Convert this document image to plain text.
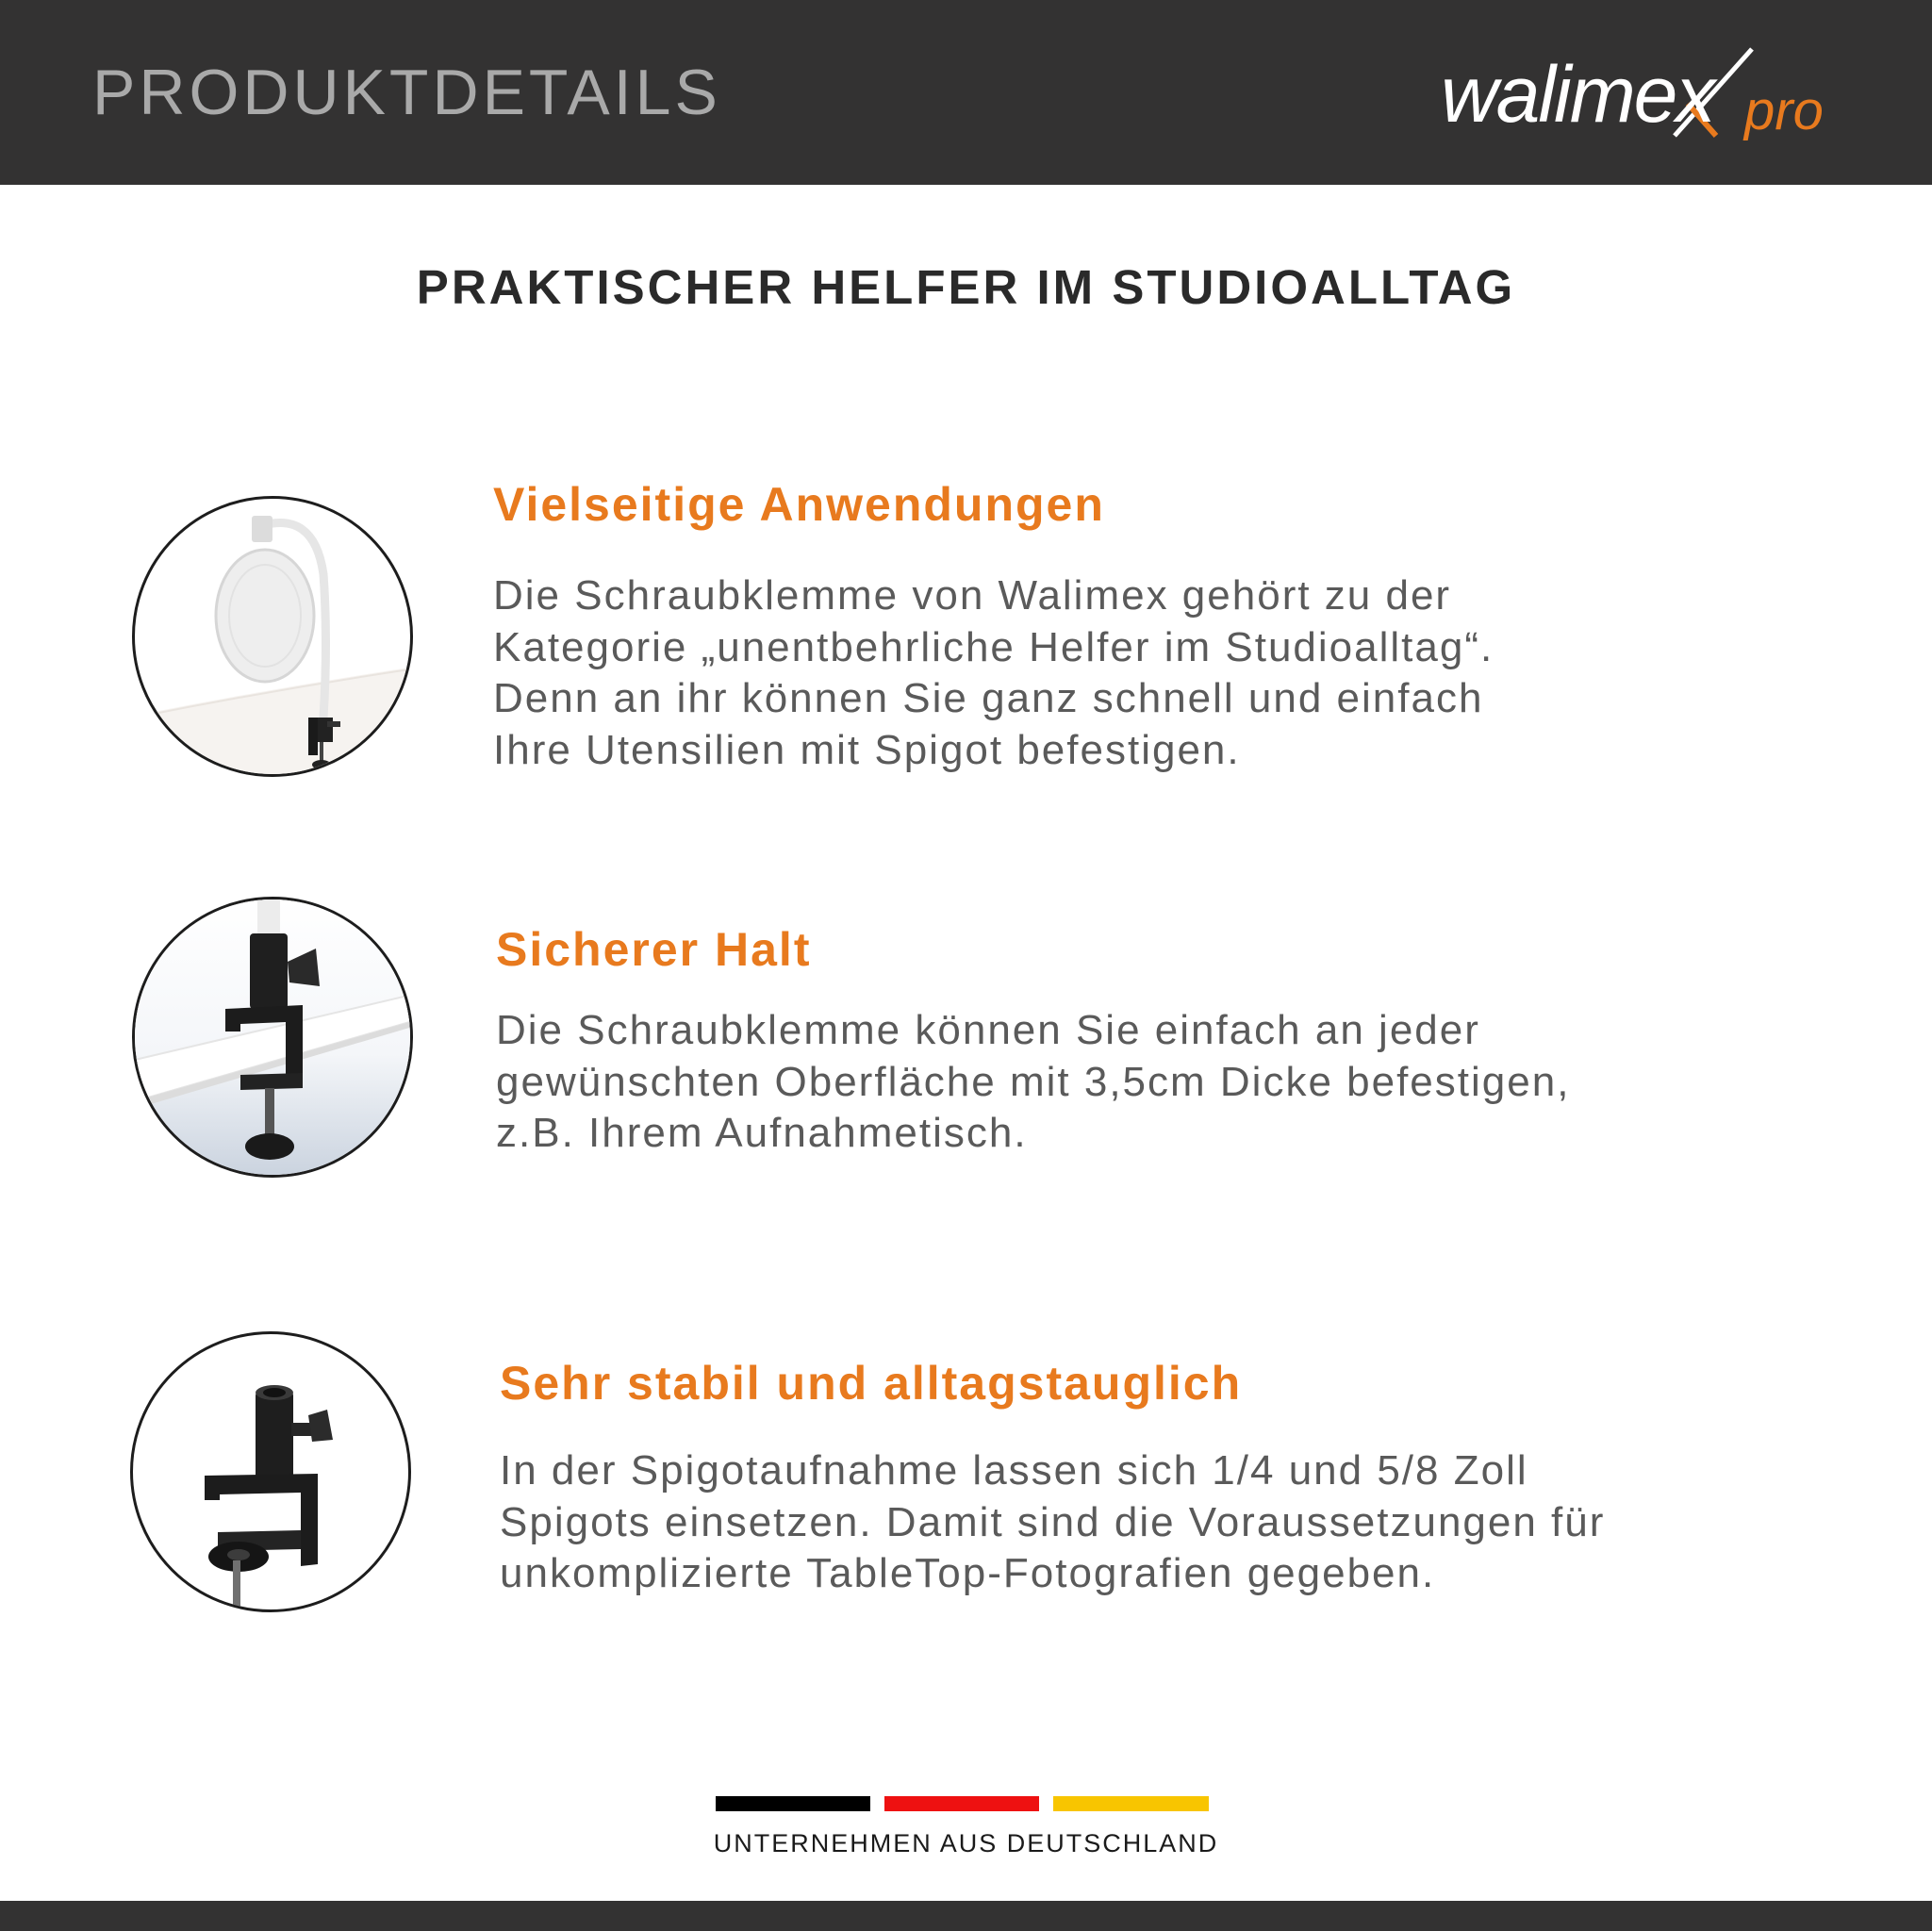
PRODUKTDETAILS	walimex pro
PRAKTISCHER HELFER IM STUDIOALLTAG
Vielseitige Anwendungen
Die Schraubklemme von Walimex gehört zu der
Kategorie „unentbehrliche Helfer im Studioalltag“.
Denn an ihr können Sie ganz schnell und einfach
Ihre Utensilien mit Spigot befestigen.
Sicherer Halt
Die Schraubklemme können Sie einfach an jeder
gewünschten Oberfläche mit 3,5cm Dicke befestigen,
z.B. Ihrem Aufnahmetisch.
Sehr stabil und alltagstauglich
In der Spigotaufnahme lassen sich 1/4 und 5/8 Zoll
Spigots einsetzen. Damit sind die Voraussetzungen für
unkomplizierte TableTop-Fotografien gegeben.
UNTERNEHMEN AUS DEUTSCHLAND
